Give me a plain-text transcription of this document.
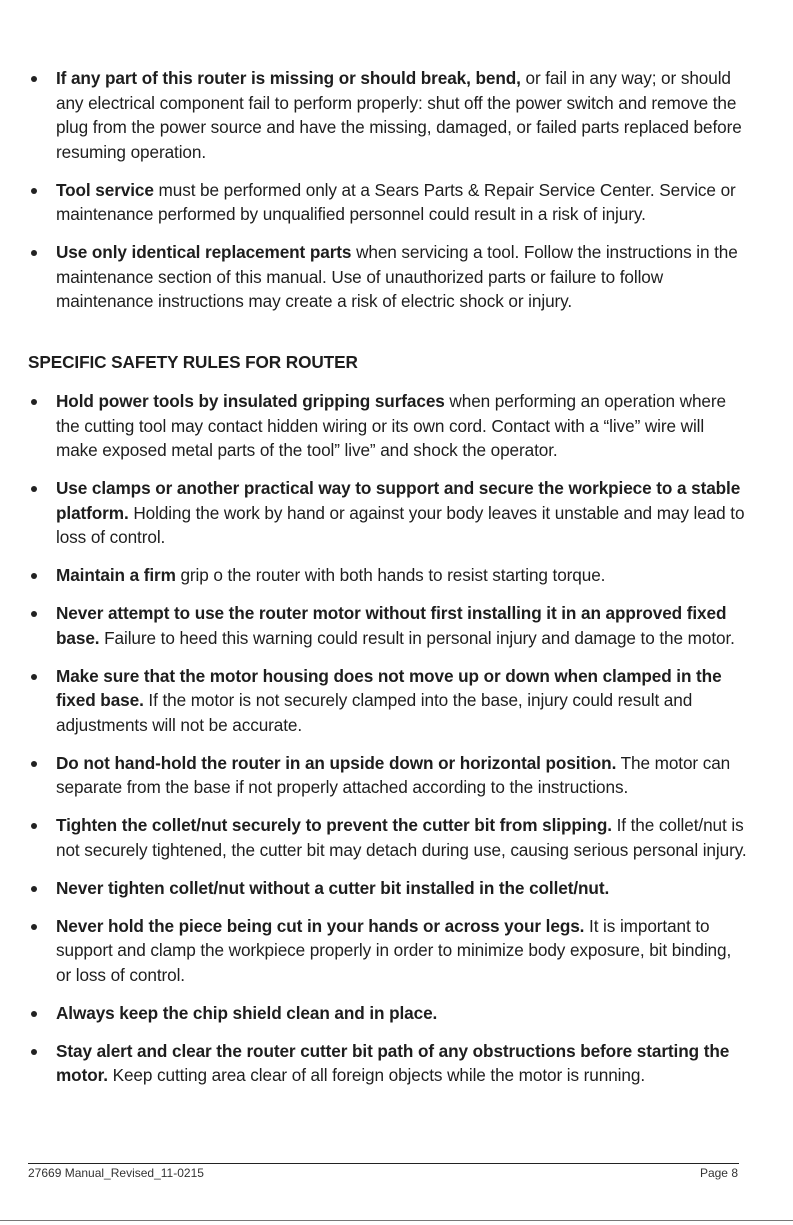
If any part of this router is missing or should break, bend, or fail in any way; or should any electrical component fail to perform properly: shut off the power switch and remove the plug from the power source and have the missing, damaged, or failed parts replaced before resuming operation.
Tool service must be performed only at a Sears Parts & Repair Service Center. Service or maintenance performed by unqualified personnel could result in a risk of injury.
Use only identical replacement parts when servicing a tool. Follow the instructions in the maintenance section of this manual. Use of unauthorized parts or failure to follow maintenance instructions may create a risk of electric shock or injury.
SPECIFIC SAFETY RULES FOR ROUTER
Hold power tools by insulated gripping surfaces when performing an operation where the cutting tool may contact hidden wiring or its own cord. Contact with a “live” wire will make exposed metal parts of the tool” live” and shock the operator.
Use clamps or another practical way to support and secure the workpiece to a stable platform. Holding the work by hand or against your body leaves it unstable and may lead to loss of control.
Maintain a firm grip o the router with both hands to resist starting torque.
Never attempt to use the router motor without first installing it in an approved fixed base. Failure to heed this warning could result in personal injury and damage to the motor.
Make sure that the motor housing does not move up or down when clamped in the fixed base. If the motor is not securely clamped into the base, injury could result and adjustments will not be accurate.
Do not hand-hold the router in an upside down or horizontal position. The motor can separate from the base if not properly attached according to the instructions.
Tighten the collet/nut securely to prevent the cutter bit from slipping. If the collet/nut is not securely tightened, the cutter bit may detach during use, causing serious personal injury.
Never tighten collet/nut without a cutter bit installed in the collet/nut.
Never hold the piece being cut in your hands or across your legs. It is important to support and clamp the workpiece properly in order to minimize body exposure, bit binding, or loss of control.
Always keep the chip shield clean and in place.
Stay alert and clear the router cutter bit path of any obstructions before starting the motor. Keep cutting area clear of all foreign objects while the motor is running.
27669 Manual_Revised_11-0215	Page 8
